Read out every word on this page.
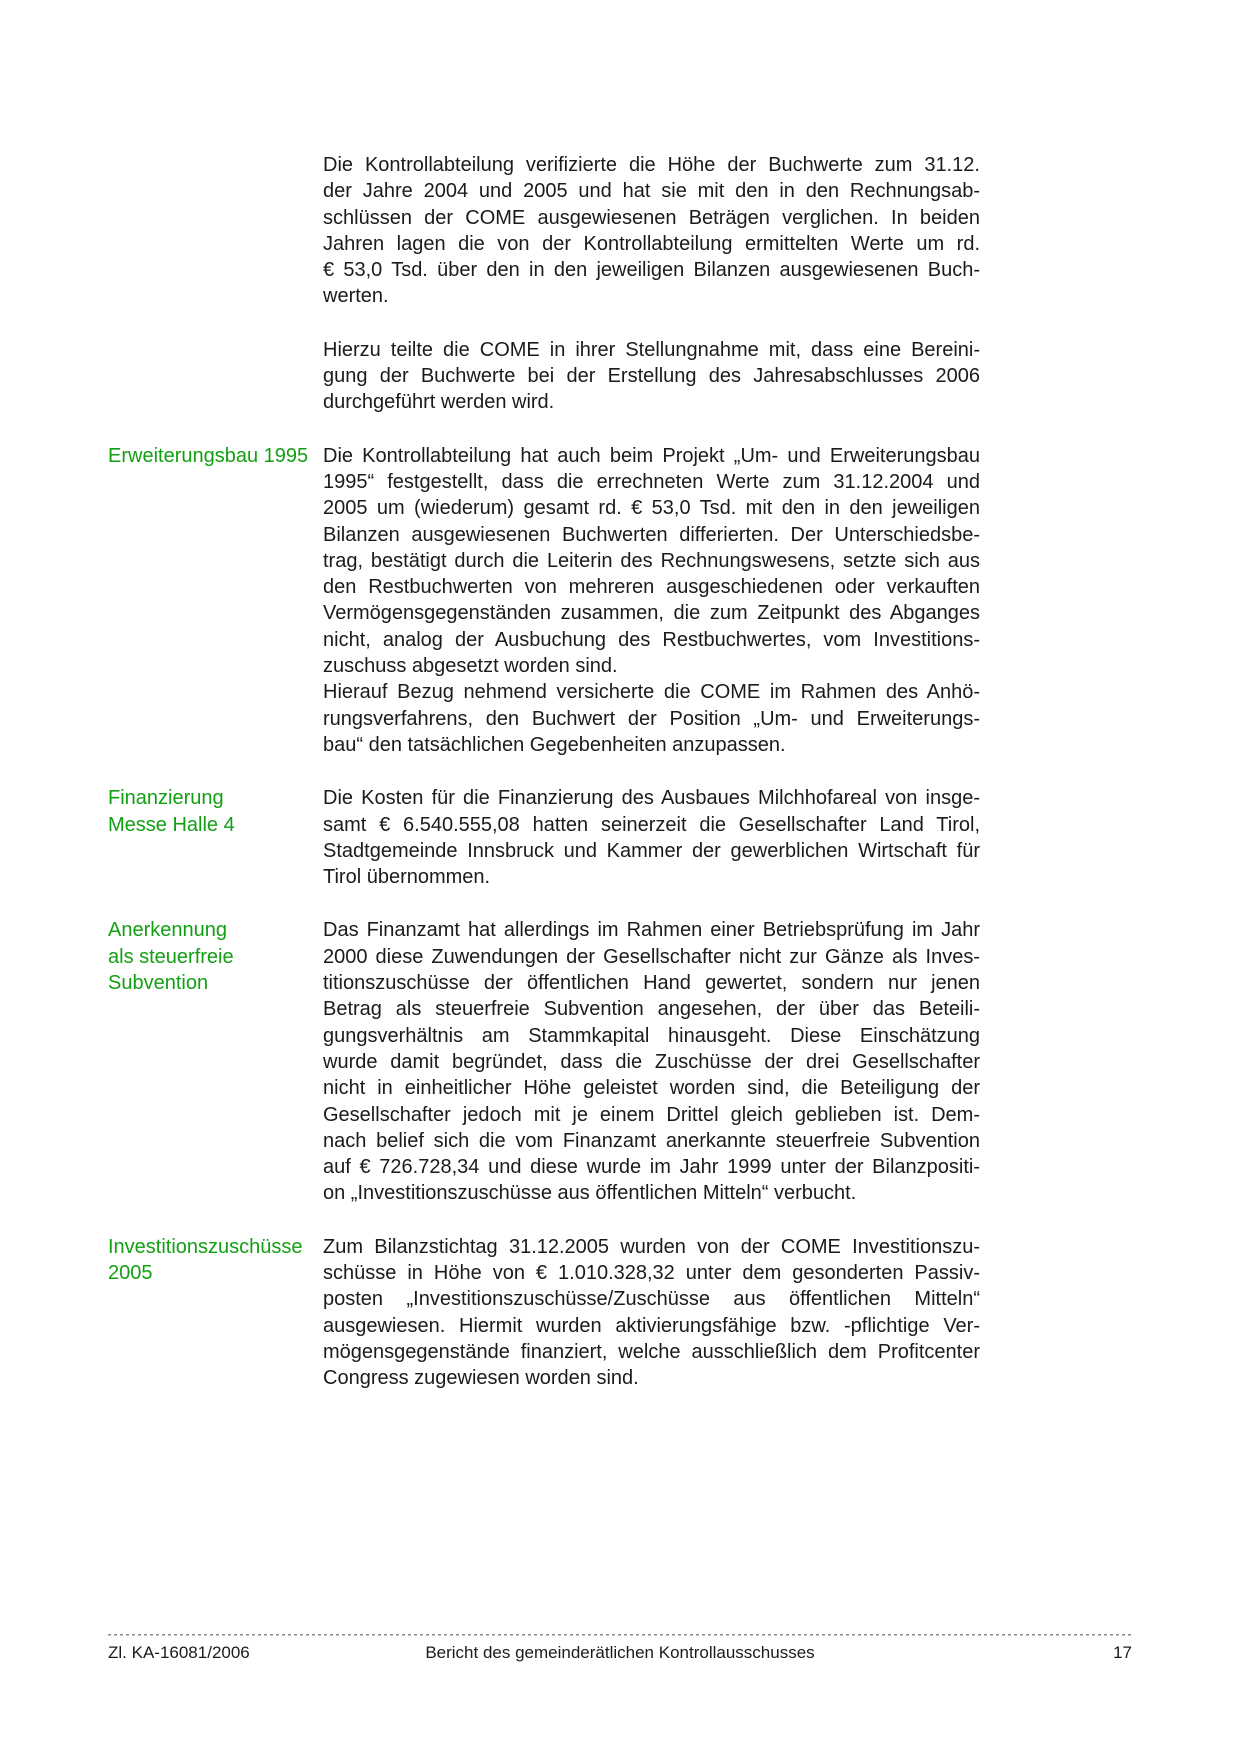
Die Kontrollabteilung verifizierte die Höhe der Buchwerte zum 31.12.
der Jahre 2004 und 2005 und hat sie mit den in den Rechnungsab-
schlüssen der COME ausgewiesenen Beträgen verglichen. In beiden
Jahren lagen die von der Kontrollabteilung ermittelten Werte um rd.
€ 53,0 Tsd. über den in den jeweiligen Bilanzen ausgewiesenen Buch-
werten.
Hierzu teilte die COME in ihrer Stellungnahme mit, dass eine Bereini-
gung der Buchwerte bei der Erstellung des Jahresabschlusses 2006
durchgeführt werden wird.
Erweiterungsbau 1995 Die Kontrollabteilung hat auch beim Projekt „Um- und Erweiterungsbau
1995“ festgestellt, dass die errechneten Werte zum 31.12.2004 und
2005 um (wiederum) gesamt rd. € 53,0 Tsd. mit den in den jeweiligen
Bilanzen ausgewiesenen Buchwerten differierten. Der Unterschiedsbe-
trag, bestätigt durch die Leiterin des Rechnungswesens, setzte sich aus
den Restbuchwerten von mehreren ausgeschiedenen oder verkauften
Vermögensgegenständen zusammen, die zum Zeitpunkt des Abganges
nicht, analog der Ausbuchung des Restbuchwertes, vom Investitions-
zuschuss abgesetzt worden sind.
Hierauf Bezug nehmend versicherte die COME im Rahmen des Anhö-
rungsverfahrens, den Buchwert der Position „Um- und Erweiterungs-
bau“ den tatsächlichen Gegebenheiten anzupassen.
Finanzierung
Messe Halle 4
Die Kosten für die Finanzierung des Ausbaues Milchhofareal von insge-
samt € 6.540.555,08 hatten seinerzeit die Gesellschafter Land Tirol,
Stadtgemeinde Innsbruck und Kammer der gewerblichen Wirtschaft für
Tirol übernommen.
Anerkennung
als steuerfreie
Subvention
Das Finanzamt hat allerdings im Rahmen einer Betriebsprüfung im Jahr
2000 diese Zuwendungen der Gesellschafter nicht zur Gänze als Inves-
titionszuschüsse der öffentlichen Hand gewertet, sondern nur jenen
Betrag als steuerfreie Subvention angesehen, der über das Beteili-
gungsverhältnis am Stammkapital hinausgeht. Diese Einschätzung
wurde damit begründet, dass die Zuschüsse der drei Gesellschafter
nicht in einheitlicher Höhe geleistet worden sind, die Beteiligung der
Gesellschafter jedoch mit je einem Drittel gleich geblieben ist. Dem-
nach belief sich die vom Finanzamt anerkannte steuerfreie Subvention
auf € 726.728,34 und diese wurde im Jahr 1999 unter der Bilanzpositi-
on „Investitionszuschüsse aus öffentlichen Mitteln“ verbucht.
Investitionszuschüsse
2005
Zum Bilanzstichtag 31.12.2005 wurden von der COME Investitionszu-
schüsse in Höhe von € 1.010.328,32 unter dem gesonderten Passiv-
posten „Investitionszuschüsse/Zuschüsse aus öffentlichen Mitteln“
ausgewiesen. Hiermit wurden aktivierungsfähige bzw. -pflichtige Ver-
mögensgegenstände finanziert, welche ausschließlich dem Profitcenter
Congress zugewiesen worden sind.
Zl. KA-16081/2006	Bericht des gemeinderätlichen Kontrollausschusses	17
